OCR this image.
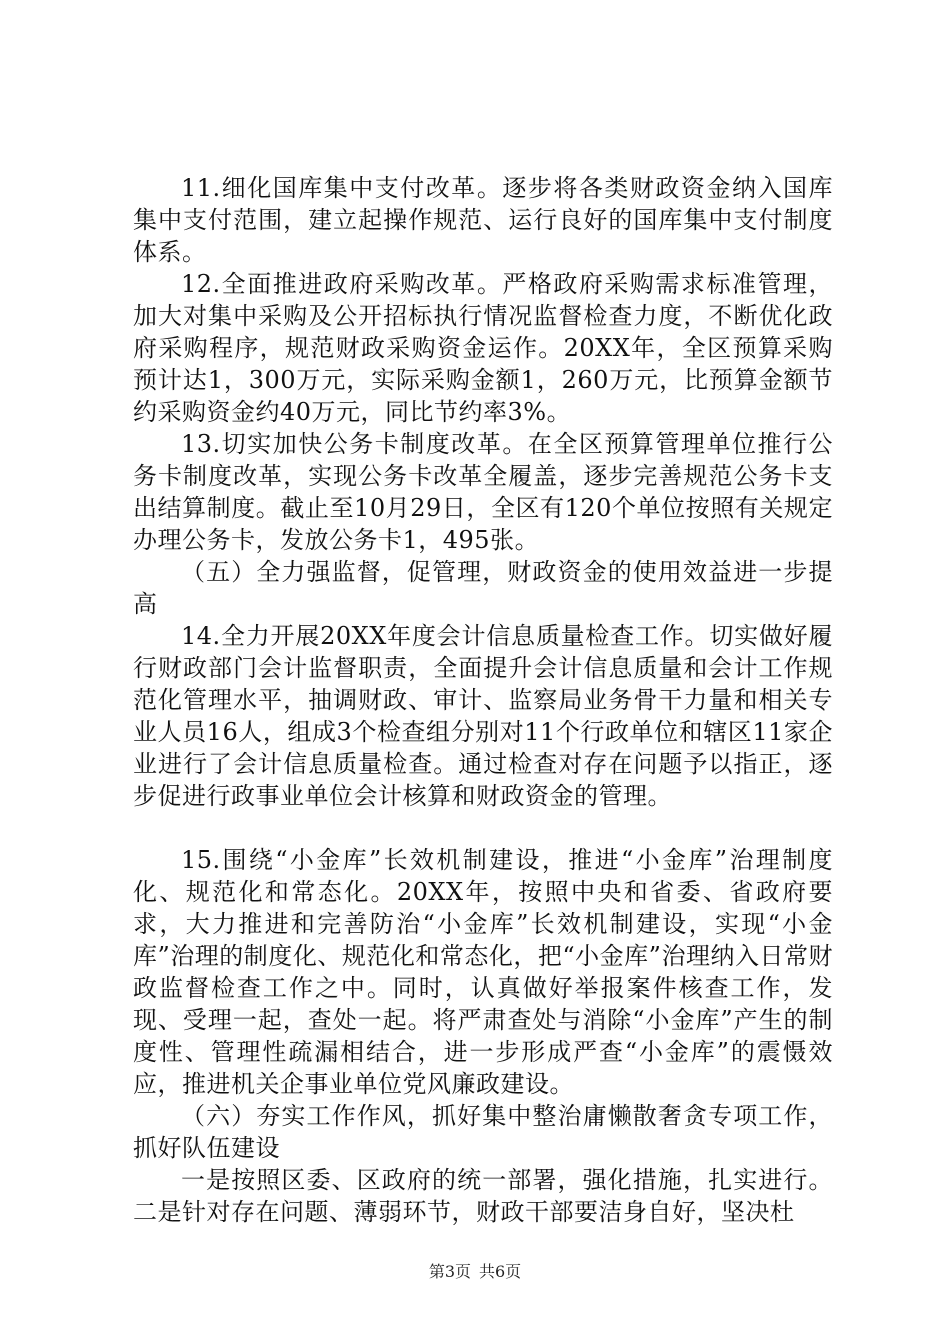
11.细化国库集中支付改革。逐步将各类财政资金纳入国库集中支付范围，建立起操作规范、运行良好的国库集中支付制度体系。

12.全面推进政府采购改革。严格政府采购需求标准管理，加大对集中采购及公开招标执行情况监督检查力度，不断优化政府采购程序，规范财政采购资金运作。20XX年，全区预算采购预计达1，300万元，实际采购金额1，260万元，比预算金额节约采购资金约40万元，同比节约率3%。

13.切实加快公务卡制度改革。在全区预算管理单位推行公务卡制度改革，实现公务卡改革全履盖，逐步完善规范公务卡支出结算制度。截止至10月29日，全区有120个单位按照有关规定办理公务卡，发放公务卡1，495张。

（五）全力强监督，促管理，财政资金的使用效益进一步提高

14.全力开展20XX年度会计信息质量检查工作。切实做好履行财政部门会计监督职责，全面提升会计信息质量和会计工作规范化管理水平，抽调财政、审计、监察局业务骨干力量和相关专业人员16人，组成3个检查组分别对11个行政单位和辖区11家企业进行了会计信息质量检查。通过检查对存在问题予以指正，逐步促进行政事业单位会计核算和财政资金的管理。

15.围绕“小金库”长效机制建设，推进“小金库”治理制度化、规范化和常态化。20XX年，按照中央和省委、省政府要求，大力推进和完善防治“小金库”长效机制建设，实现“小金库”治理的制度化、规范化和常态化，把“小金库”治理纳入日常财政监督检查工作之中。同时，认真做好举报案件核查工作，发现、受理一起，查处一起。将严肃查处与消除“小金库”产生的制度性、管理性疏漏相结合，进一步形成严查“小金库”的震慑效应，推进机关企事业单位党风廉政建设。

（六）夯实工作作风，抓好集中整治庸懒散奢贪专项工作，抓好队伍建设

一是按照区委、区政府的统一部署，强化措施，扎实进行。二是针对存在问题、薄弱环节，财政干部要洁身自好，坚决杜

第3页 共6页
